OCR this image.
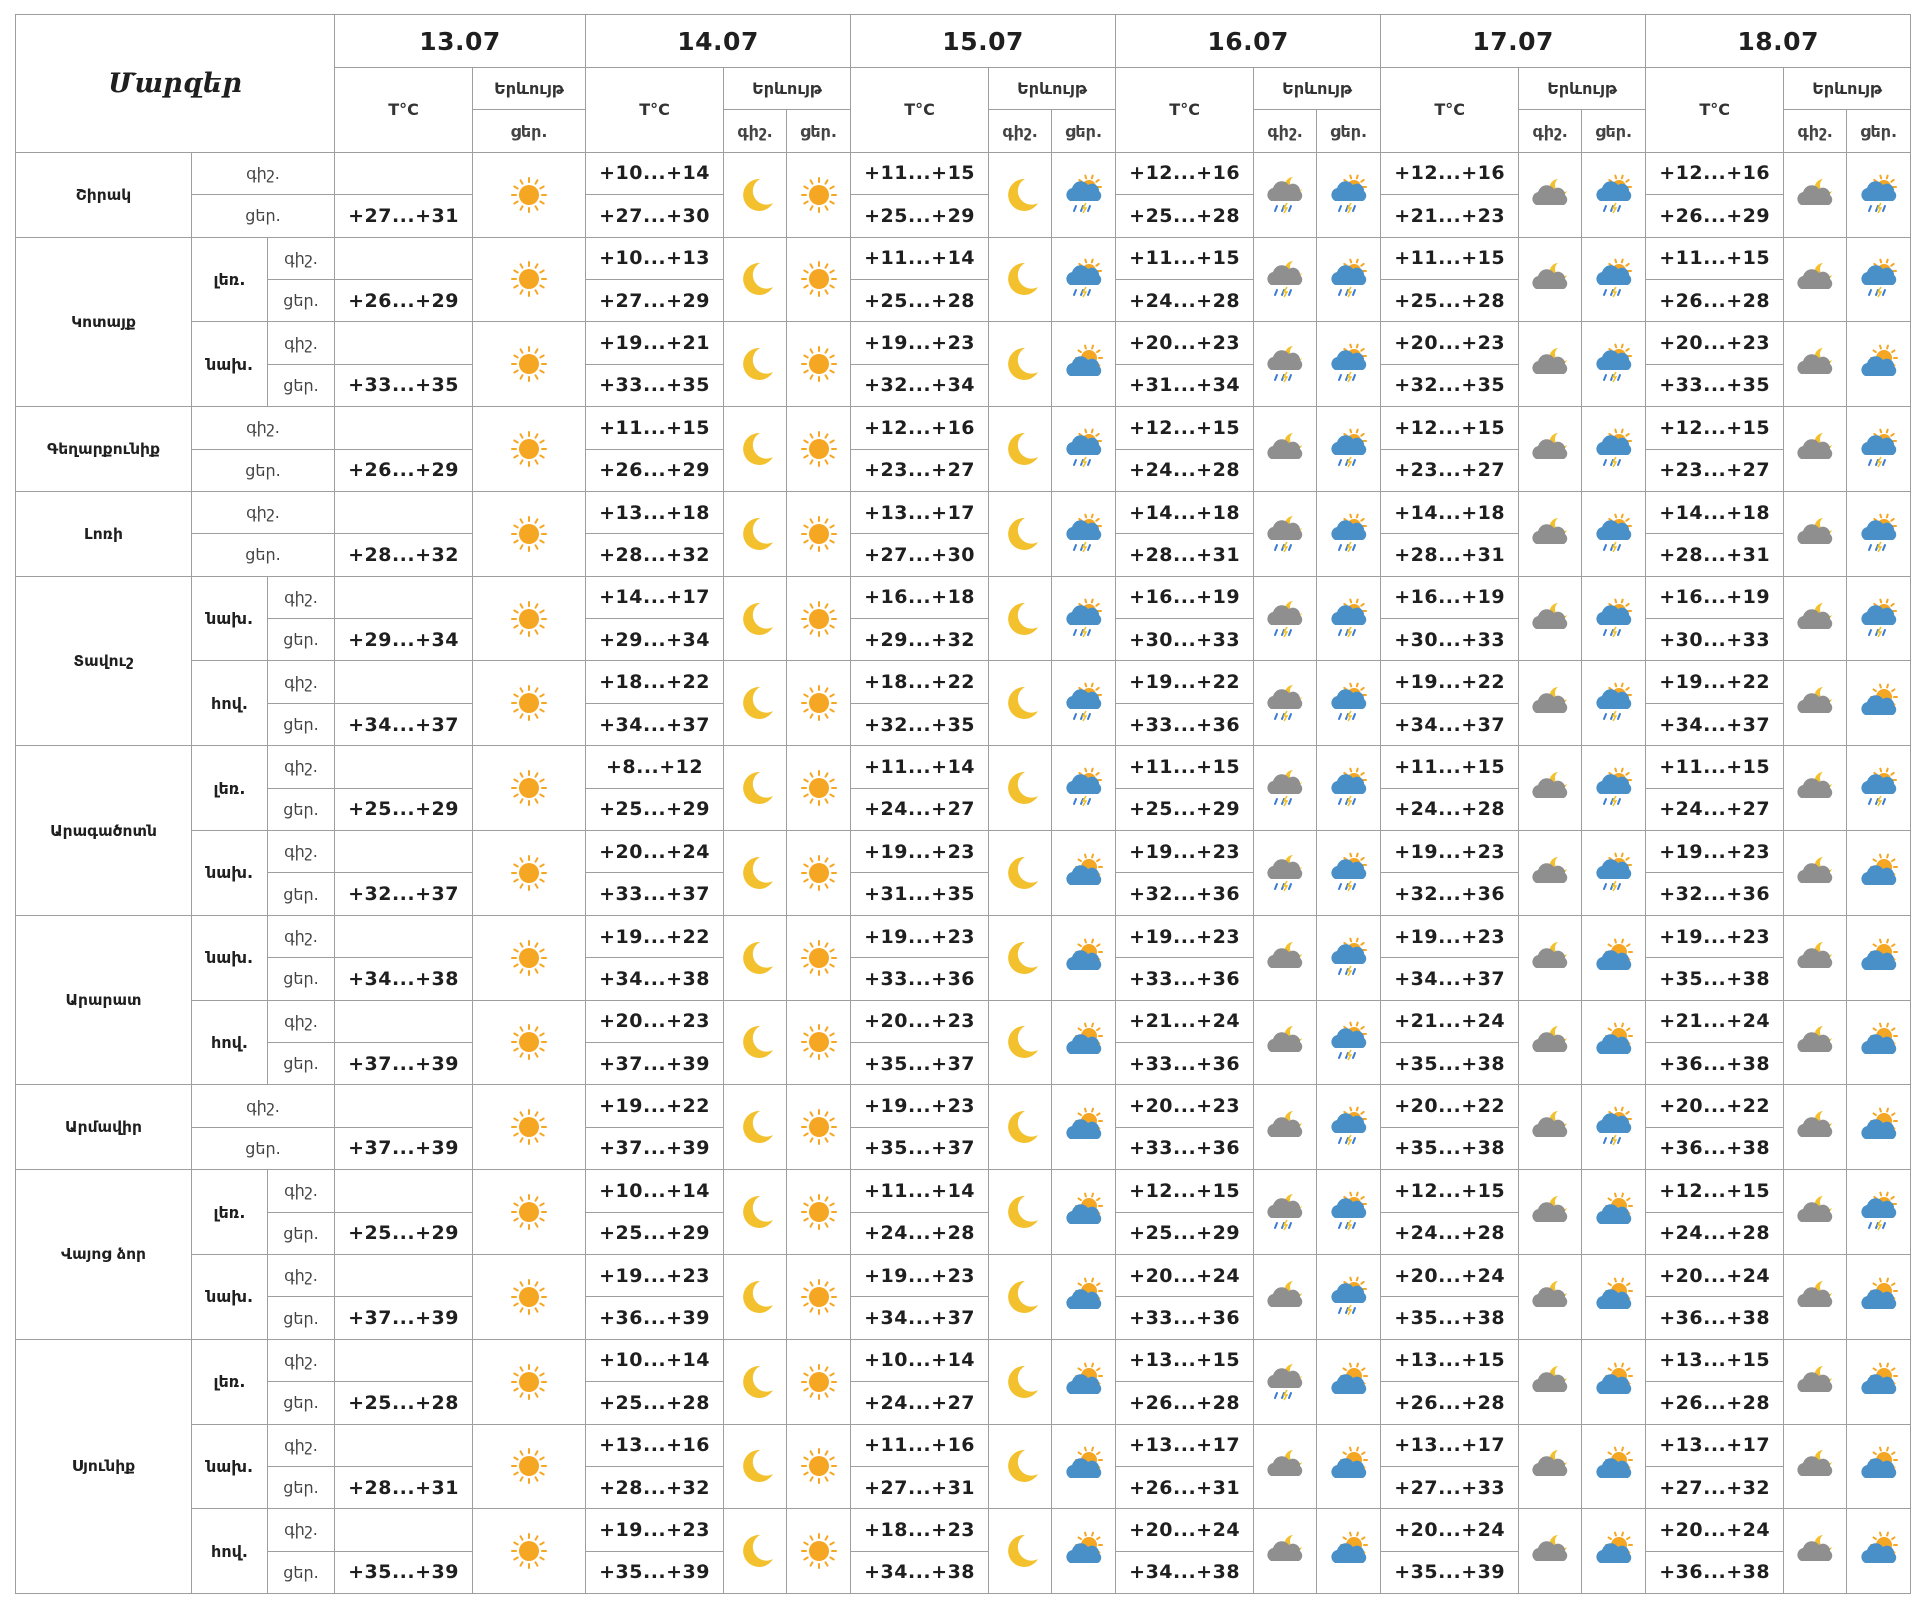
Մարզեր			13.07		14.07			15.07			16.07			17.07			18.07		
			T°C	Երևույթ	T°C	Երևույթ		T°C	Երևույթ		T°C	Երևույթ		T°C	Երևույթ		T°C	Երևույթ	
				ցեր.		գիշ.	ցեր.		գիշ.	ցեր.		գիշ.	ցեր.		գիշ.	ցեր.		գիշ.	ցեր.
Շիրակ	գիշ.				+10...+14			+11...+15			+12...+16			+12...+16			+12...+16	

	ցեր.		+27...+31		+27...+30			+25...+29			+25...+28			+21...+23			+26...+29		
Կոտայք	լեռ.	գիշ.			+10...+13			+11...+14			+11...+15			+11...+15			+11...+15	

		ցեր.	+26...+29		+27...+29			+25...+28			+24...+28			+25...+28			+26...+28		
	նախ.	գիշ.			+19...+21			+19...+23			+20...+23			+20...+23			+20...+23	

		ցեր.	+33...+35		+33...+35			+32...+34			+31...+34			+32...+35			+33...+35		
Գեղարքունիք	գիշ.				+11...+15			+12...+16			+12...+15			+12...+15			+12...+15	

	ցեր.		+26...+29		+26...+29			+23...+27			+24...+28			+23...+27			+23...+27		
Լոռի	գիշ.				+13...+18			+13...+17			+14...+18			+14...+18			+14...+18	

	ցեր.		+28...+32		+28...+32			+27...+30			+28...+31			+28...+31			+28...+31		
Տավուշ	նախ.	գիշ.			+14...+17			+16...+18			+16...+19			+16...+19			+16...+19	

		ցեր.	+29...+34		+29...+34			+29...+32			+30...+33			+30...+33			+30...+33		
	հով.	գիշ.			+18...+22			+18...+22			+19...+22			+19...+22			+19...+22	

		ցեր.	+34...+37		+34...+37			+32...+35			+33...+36			+34...+37			+34...+37		
Արագածոտն	լեռ.	գիշ.			+8...+12			+11...+14			+11...+15			+11...+15			+11...+15	

		ցեր.	+25...+29		+25...+29			+24...+27			+25...+29			+24...+28			+24...+27		
	նախ.	գիշ.			+20...+24			+19...+23			+19...+23			+19...+23			+19...+23	

		ցեր.	+32...+37		+33...+37			+31...+35			+32...+36			+32...+36			+32...+36		
Արարատ	նախ.	գիշ.			+19...+22			+19...+23			+19...+23			+19...+23			+19...+23	

		ցեր.	+34...+38		+34...+38			+33...+36			+33...+36			+34...+37			+35...+38		
	հով.	գիշ.			+20...+23			+20...+23			+21...+24			+21...+24			+21...+24	

		ցեր.	+37...+39		+37...+39			+35...+37			+33...+36			+35...+38			+36...+38		
Արմավիր	գիշ.				+19...+22			+19...+23			+20...+23			+20...+22			+20...+22	

	ցեր.		+37...+39		+37...+39			+35...+37			+33...+36			+35...+38			+36...+38		
Վայոց ձոր	լեռ.	գիշ.			+10...+14			+11...+14			+12...+15			+12...+15			+12...+15	

		ցեր.	+25...+29		+25...+29			+24...+28			+25...+29			+24...+28			+24...+28		
	նախ.	գիշ.			+19...+23			+19...+23			+20...+24			+20...+24			+20...+24	

		ցեր.	+37...+39		+36...+39			+34...+37			+33...+36			+35...+38			+36...+38		
Սյունիք	լեռ.	գիշ.			+10...+14			+10...+14			+13...+15			+13...+15			+13...+15	

		ցեր.	+25...+28		+25...+28			+24...+27			+26...+28			+26...+28			+26...+28		
	նախ.	գիշ.			+13...+16			+11...+16			+13...+17			+13...+17			+13...+17	

		ցեր.	+28...+31		+28...+32			+27...+31			+26...+31			+27...+33			+27...+32		
	հով.	գիշ.			+19...+23			+18...+23			+20...+24			+20...+24			+20...+24	

		ցեր.	+35...+39		+35...+39			+34...+38			+34...+38			+35...+39			+36...+38		
